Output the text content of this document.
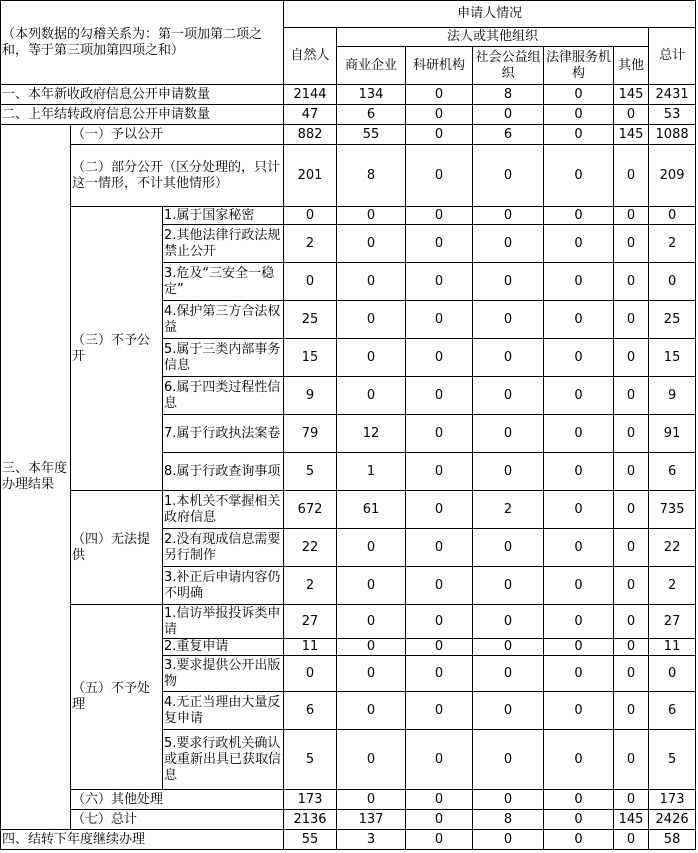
（本列数据的勾稽关系为：第一项加第二项之和，等于第三项加第四项之和）			申请人情况						
			自然人	法人或其他组织					总计
				商业企业	科研机构	社会公益组织	法律服务机构	其他	
一、本年新收政府信息公开申请数量			2144	134	0	8	0	145	2431
二、上年结转政府信息公开申请数量			47	6	0	0	0	0	53
三、本年度办理结果	（一）予以公开		882	55	0	6	0	145	1088
	（二）部分公开（区分处理的，只计这一情形，不计其他情形）		201	8	0	0	0	0	209
	（三）不予公开	1.属于国家秘密	0	0	0	0	0	0	0
		2.其他法律行政法规禁止公开	2	0	0	0	0	0	2
		3.危及“三安全一稳定”	0	0	0	0	0	0	0
		4.保护第三方合法权益	25	0	0	0	0	0	25
		5.属于三类内部事务信息	15	0	0	0	0	0	15
		6.属于四类过程性信息	9	0	0	0	0	0	9
		7.属于行政执法案卷	79	12	0	0	0	0	91
		8.属于行政查询事项	5	1	0	0	0	0	6
	（四）无法提供	1.本机关不掌握相关政府信息	672	61	0	2	0	0	735
		2.没有现成信息需要另行制作	22	0	0	0	0	0	22
		3.补正后申请内容仍不明确	2	0	0	0	0	0	2
	（五）不予处理	1.信访举报投诉类申请	27	0	0	0	0	0	27
		2.重复申请	11	0	0	0	0	0	11
		3.要求提供公开出版物	0	0	0	0	0	0	0
		4.无正当理由大量反复申请	6	0	0	0	0	0	6
		5.要求行政机关确认或重新出具已获取信息	5	0	0	0	0	0	5
	（六）其他处理		173	0	0	0	0	0	173
	（七）总计		2136	137	0	8	0	145	2426
四、结转下年度继续办理			55	3	0	0	0	0	58
